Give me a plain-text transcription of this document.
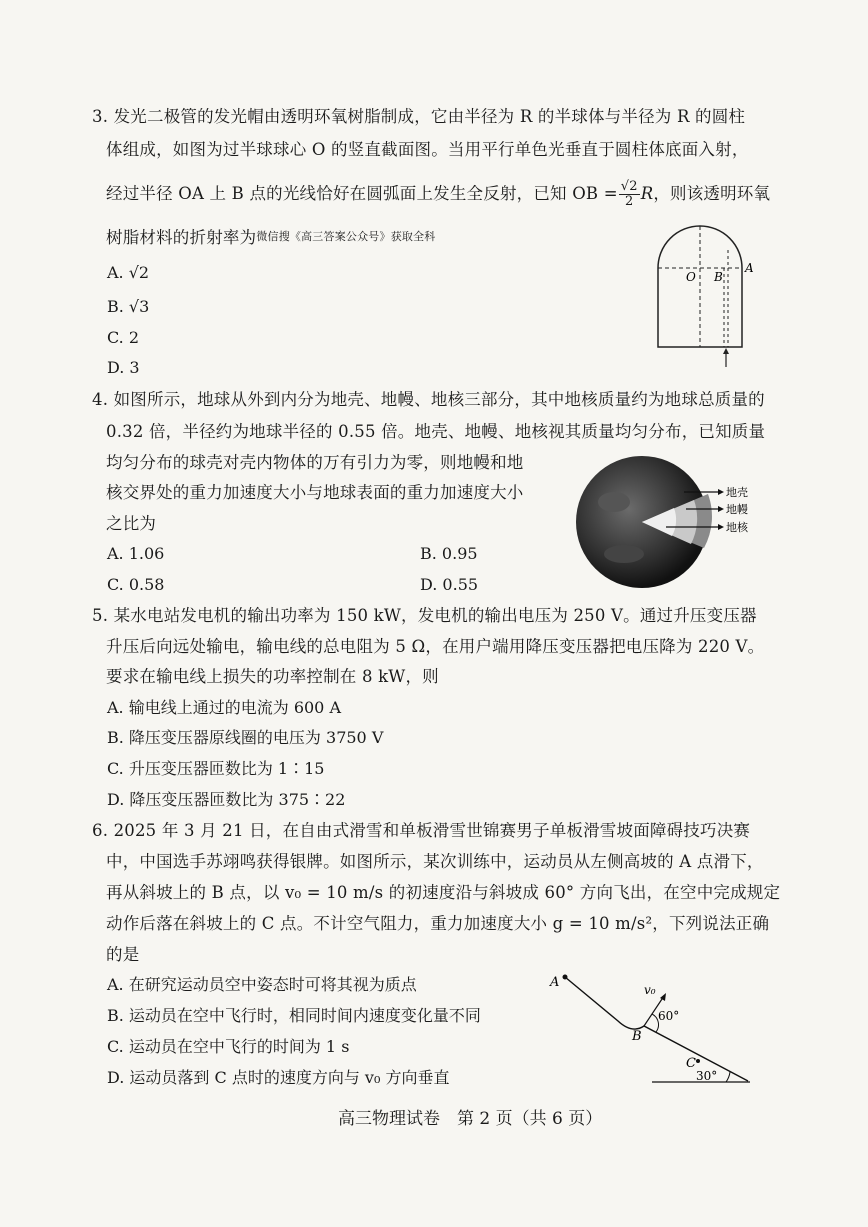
3. 发光二极管的发光帽由透明环氧树脂制成，它由半径为 R 的半球体与半径为 R 的圆柱
体组成，如图为过半球球心 O 的竖直截面图。当用平行单色光垂直于圆柱体底面入射，
经过半径 OA 上 B 点的光线恰好在圆弧面上发生全反射，已知 OB = $\frac{√2}{2}$ R，则该透明环氧
树脂材料的折射率为微信搜《高三答案公众号》获取全科
A. √2
B. √3
C. 2
D. 3
O B
A
4. 如图所示，地球从外到内分为地壳、地幔、地核三部分，其中地核质量约为地球总质量的
0.32 倍，半径约为地球半径的 0.55 倍。地壳、地幔、地核视其质量均匀分布，已知质量
均匀分布的球壳对壳内物体的万有引力为零，则地幔和地
核交界处的重力加速度大小与地球表面的重力加速度大小
之比为
A. 1.06	B. 0.95
C. 0.58	D. 0.55
地壳
地幔
地核
5. 某水电站发电机的输出功率为 150 kW，发电机的输出电压为 250 V。通过升压变压器
升压后向远处输电，输电线的总电阻为 5 Ω，在用户端用降压变压器把电压降为 220 V。
要求在输电线上损失的功率控制在 8 kW，则
A. 输电线上通过的电流为 600 A
B. 降压变压器原线圈的电压为 3750 V
C. 升压变压器匝数比为 1∶15
D. 降压变压器匝数比为 375∶22
6. 2025 年 3 月 21 日，在自由式滑雪和单板滑雪世锦赛男子单板滑雪坡面障碍技巧决赛
中，中国选手苏翊鸣获得银牌。如图所示，某次训练中，运动员从左侧高坡的 A 点滑下，
再从斜坡上的 B 点，以 v₀ = 10 m/s 的初速度沿与斜坡成 60° 方向飞出，在空中完成规定
动作后落在斜坡上的 C 点。不计空气阻力，重力加速度大小 g = 10 m/s²，下列说法正确
的是
A. 在研究运动员空中姿态时可将其视为质点
B. 运动员在空中飞行时，相同时间内速度变化量不同
C. 运动员在空中飞行的时间为 1 s
D. 运动员落到 C 点时的速度方向与 v₀ 方向垂直
A
B
C
v₀
60°
30°
高三物理试卷　第 2 页（共 6 页）
